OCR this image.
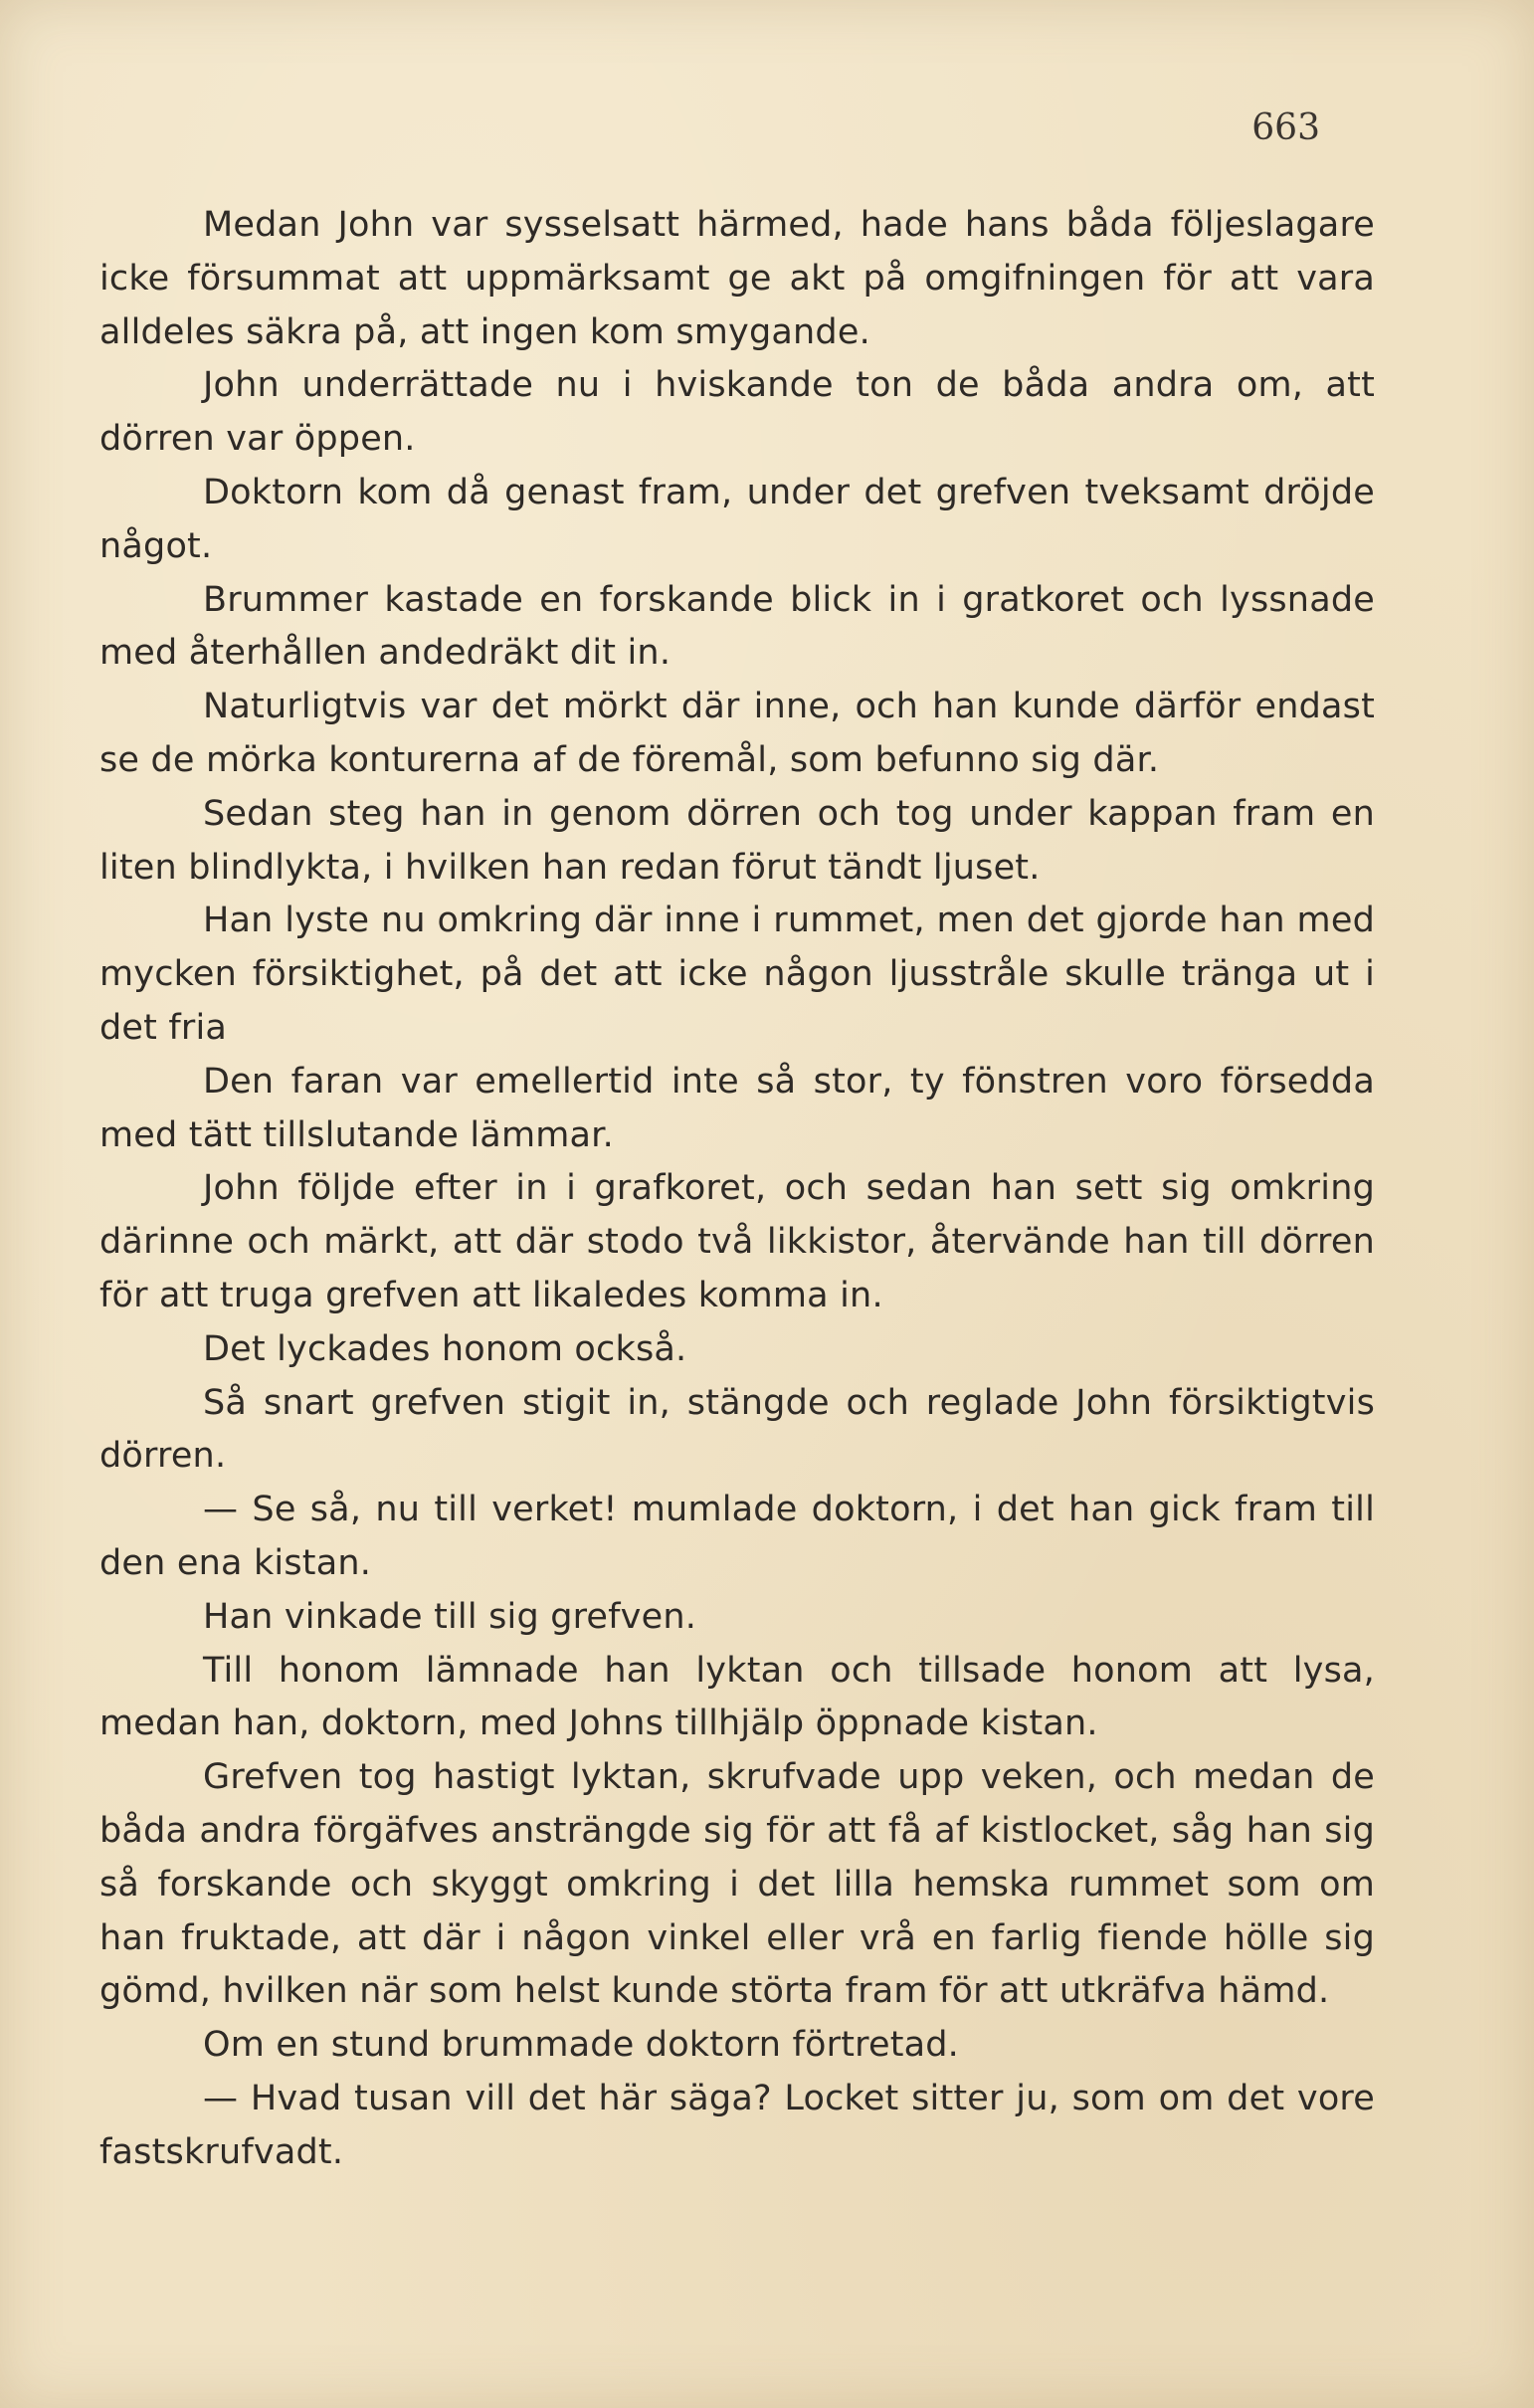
663

Medan John var sysselsatt härmed, hade hans båda följeslagare icke försummat att uppmärksamt ge akt på omgifningen för att vara alldeles säkra på, att ingen kom smygande.

John underrättade nu i hviskande ton de båda andra om, att dörren var öppen.

Doktorn kom då genast fram, under det grefven tveksamt dröjde något.

Brummer kastade en forskande blick in i gratkoret och lyssnade med återhållen andedräkt dit in.

Naturligtvis var det mörkt där inne, och han kunde därför endast se de mörka konturerna af de föremål, som befunno sig där.

Sedan steg han in genom dörren och tog under kappan fram en liten blindlykta, i hvilken han redan förut tändt ljuset.

Han lyste nu omkring där inne i rummet, men det gjorde han med mycken försiktighet, på det att icke någon ljusstråle skulle tränga ut i det fria

Den faran var emellertid inte så stor, ty fönstren voro försedda med tätt tillslutande lämmar.

John följde efter in i grafkoret, och sedan han sett sig omkring därinne och märkt, att där stodo två likkistor, återvände han till dörren för att truga grefven att likaledes komma in.

Det lyckades honom också.

Så snart grefven stigit in, stängde och reglade John försiktigtvis dörren.

— Se så, nu till verket! mumlade doktorn, i det han gick fram till den ena kistan.

Han vinkade till sig grefven.

Till honom lämnade han lyktan och tillsade honom att lysa, medan han, doktorn, med Johns tillhjälp öppnade kistan.

Grefven tog hastigt lyktan, skrufvade upp veken, och medan de båda andra förgäfves ansträngde sig för att få af kistlocket, såg han sig så forskande och skyggt omkring i det lilla hemska rummet som om han fruktade, att där i någon vinkel eller vrå en farlig fiende hölle sig gömd, hvilken när som helst kunde störta fram för att utkräfva hämd.

Om en stund brummade doktorn förtretad.

— Hvad tusan vill det här säga? Locket sitter ju, som om det vore fastskrufvadt.
